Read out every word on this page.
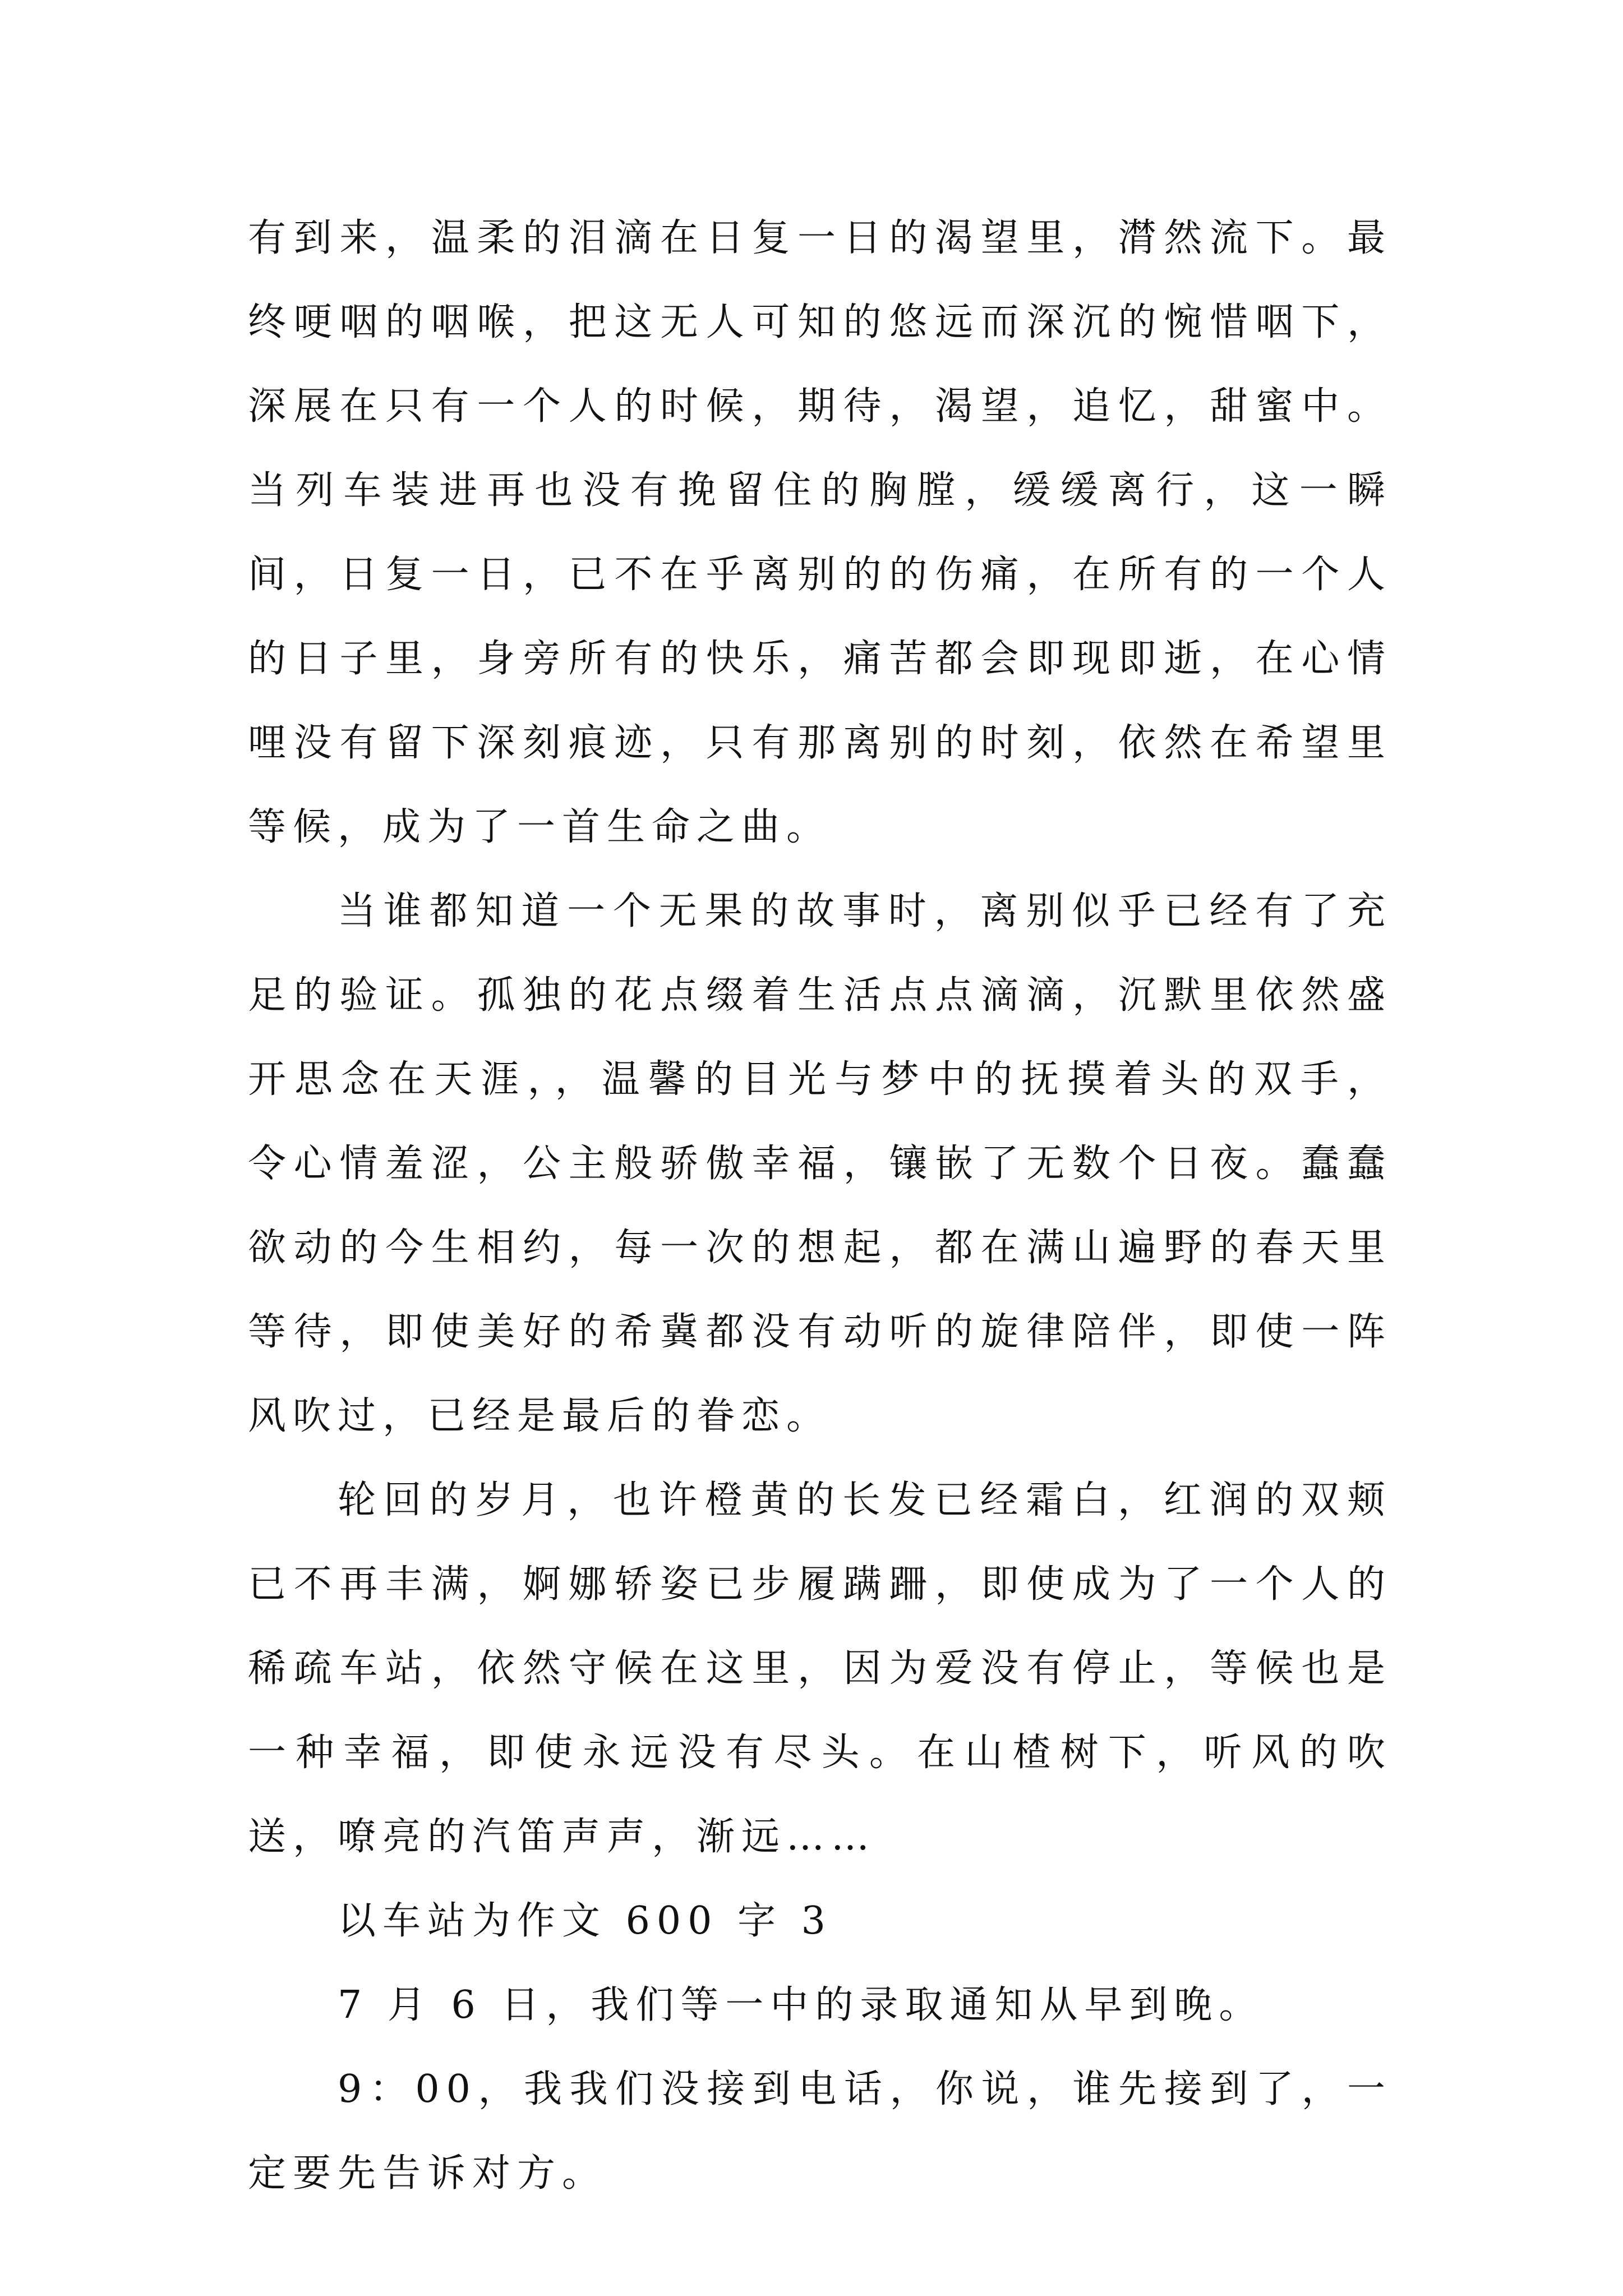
有到来，温柔的泪滴在日复一日的渴望里，潸然流下。最终哽咽的咽喉，把这无人可知的悠远而深沉的惋惜咽下，深展在只有一个人的时候，期待，渴望，追忆，甜蜜中。当列车装进再也没有挽留住的胸膛，缓缓离行，这一瞬间，日复一日，已不在乎离别的的伤痛，在所有的一个人的日子里，身旁所有的快乐，痛苦都会即现即逝，在心情哩没有留下深刻痕迹，只有那离别的时刻，依然在希望里等候，成为了一首生命之曲。

当谁都知道一个无果的故事时，离别似乎已经有了充足的验证。孤独的花点缀着生活点点滴滴，沉默里依然盛开思念在天涯，，温馨的目光与梦中的抚摸着头的双手，令心情羞涩，公主般骄傲幸福，镶嵌了无数个日夜。蠢蠢欲动的今生相约，每一次的想起，都在满山遍野的春天里等待，即使美好的希冀都没有动听的旋律陪伴，即使一阵风吹过，已经是最后的眷恋。

轮回的岁月，也许橙黄的长发已经霜白，红润的双颊已不再丰满，婀娜轿姿已步履蹒跚，即使成为了一个人的稀疏车站，依然守候在这里，因为爱没有停止，等候也是一种幸福，即使永远没有尽头。在山楂树下，听风的吹送，嘹亮的汽笛声声，渐远……

以车站为作文 600 字 3

7 月 6 日，我们等一中的录取通知从早到晚。

9：00，我我们没接到电话，你说，谁先接到了，一定要先告诉对方。
